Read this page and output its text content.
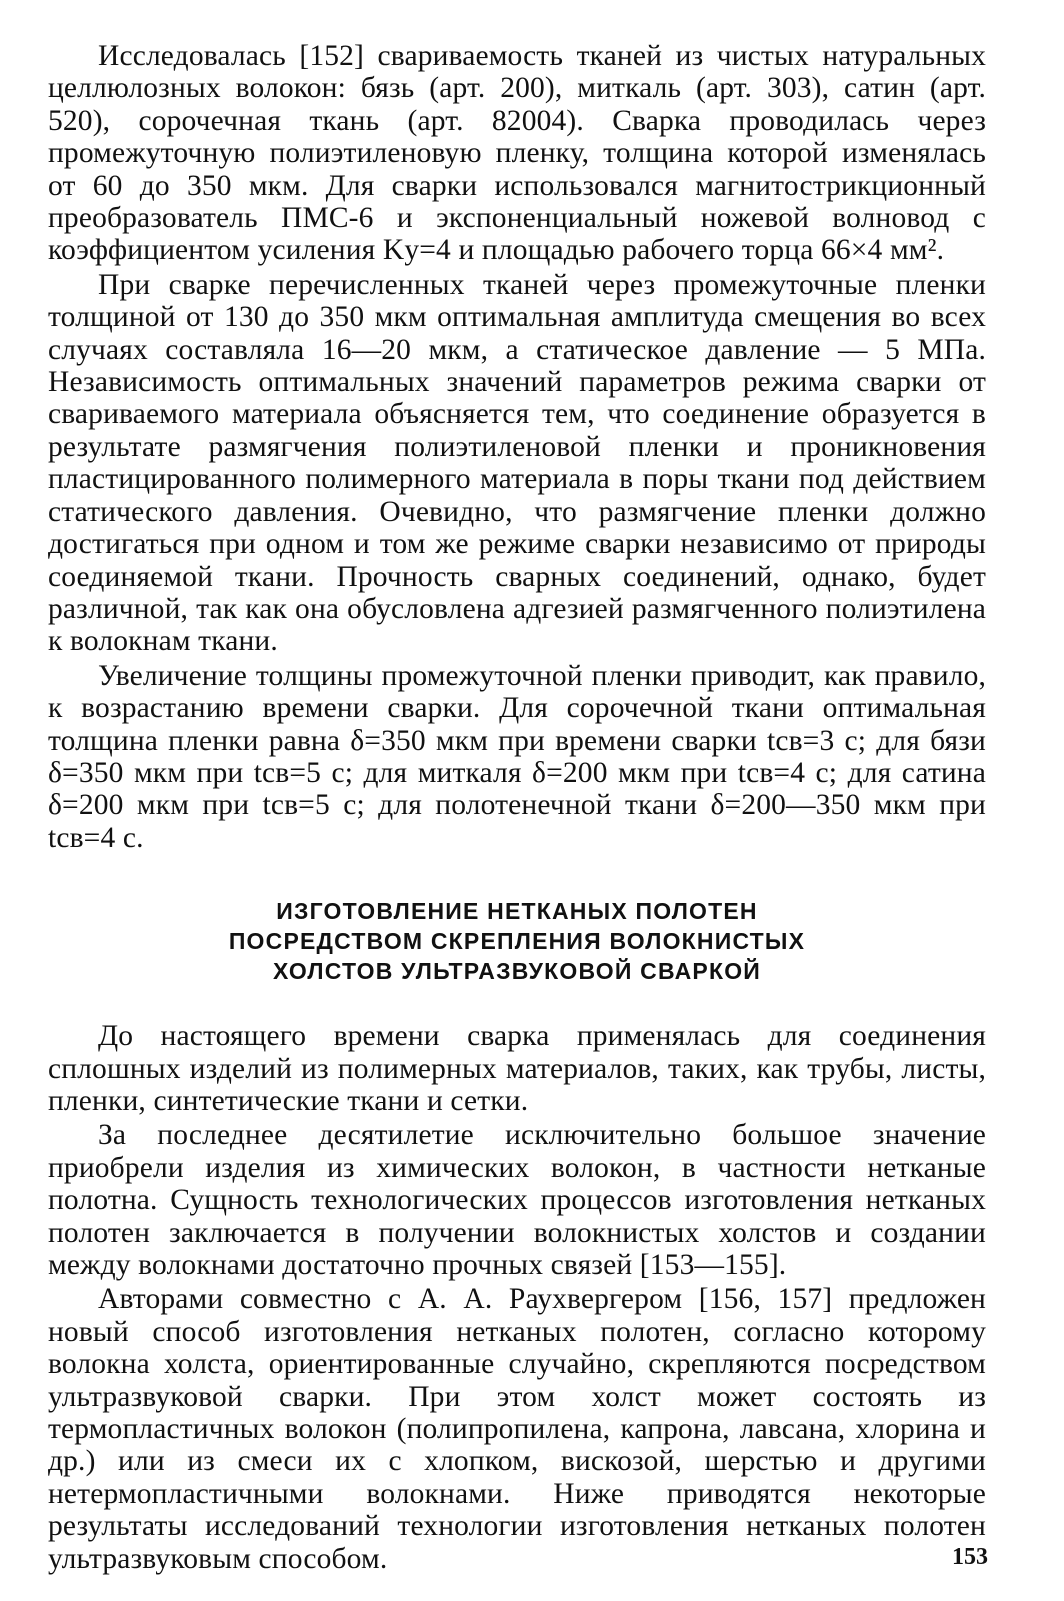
Исследовалась [152] свариваемость тканей из чистых натуральных целлюлозных волокон: бязь (арт. 200), миткаль (арт. 303), сатин (арт. 520), сорочечная ткань (арт. 82004). Сварка проводилась через промежуточную полиэтиленовую пленку, толщина которой изменялась от 60 до 350 мкм. Для сварки использовался магнитострикционный преобразователь ПМС-6 и экспоненциальный ножевой волновод с коэффициентом усиления Kу=4 и площадью рабочего торца 66×4 мм².

При сварке перечисленных тканей через промежуточные пленки толщиной от 130 до 350 мкм оптимальная амплитуда смещения во всех случаях составляла 16—20 мкм, а статическое давление — 5 МПа. Независимость оптимальных значений параметров режима сварки от свариваемого материала объясняется тем, что соединение образуется в результате размягчения полиэтиленовой пленки и проникновения пластицированного полимерного материала в поры ткани под действием статического давления. Очевидно, что размягчение пленки должно достигаться при одном и том же режиме сварки независимо от природы соединяемой ткани. Прочность сварных соединений, однако, будет различной, так как она обусловлена адгезией размягченного полиэтилена к волокнам ткани.

Увеличение толщины промежуточной пленки приводит, как правило, к возрастанию времени сварки. Для сорочечной ткани оптимальная толщина пленки равна δ=350 мкм при времени сварки tсв=3 с; для бязи δ=350 мкм при tсв=5 с; для миткаля δ=200 мкм при tсв=4 с; для сатина δ=200 мкм при tсв=5 с; для полотенечной ткани δ=200—350 мкм при tсв=4 с.

ИЗГОТОВЛЕНИЕ НЕТКАНЫХ ПОЛОТЕН
ПОСРЕДСТВОМ СКРЕПЛЕНИЯ ВОЛОКНИСТЫХ
ХОЛСТОВ УЛЬТРАЗВУКОВОЙ СВАРКОЙ

До настоящего времени сварка применялась для соединения сплошных изделий из полимерных материалов, таких, как трубы, листы, пленки, синтетические ткани и сетки.

За последнее десятилетие исключительно большое значение приобрели изделия из химических волокон, в частности нетканые полотна. Сущность технологических процессов изготовления нетканых полотен заключается в получении волокнистых холстов и создании между волокнами достаточно прочных связей [153—155].

Авторами совместно с А. А. Раухвергером [156, 157] предложен новый способ изготовления нетканых полотен, согласно которому волокна холста, ориентированные случайно, скрепляются посредством ультразвуковой сварки. При этом холст может состоять из термопластичных волокон (полипропилена, капрона, лавсана, хлорина и др.) или из смеси их с хлопком, вискозой, шерстью и другими нетермопластичными волокнами. Ниже приводятся некоторые результаты исследований технологии изготовления нетканых полотен ультразвуковым способом.	153
